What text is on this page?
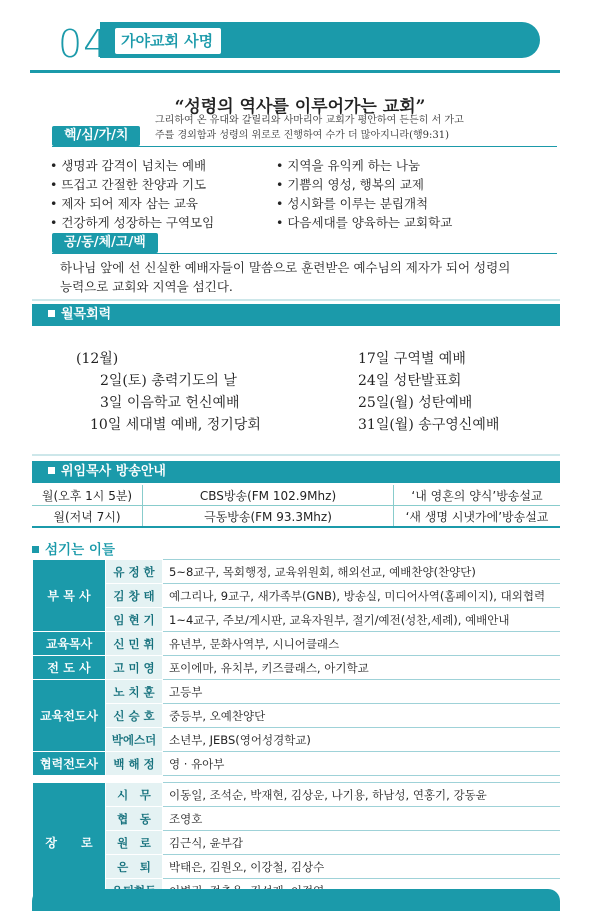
04 가야교회 사명
“성령의 역사를 이루어가는 교회”
그리하여 온 유대와 갈릴리와 사마리아 교회가 평안하여 든든히 서 가고
주를 경외함과 성령의 위로로 진행하여 수가 더 많아지니라(행9:31)
핵/심/가/치
• 생명과 감격이 넘치는 예배
• 뜨겁고 간절한 찬양과 기도
• 제자 되어 제자 삼는 교육
• 건강하게 성장하는 구역모임
• 지역을 유익케 하는 나눔
• 기쁨의 영성, 행복의 교제
• 성시화를 이루는 분립개척
• 다음세대를 양육하는 교회학교
공/동/체/고/백
하나님 앞에 선 신실한 예배자들이 말씀으로 훈련받은 예수님의 제자가 되어 성령의
능력으로 교회와 지역을 섬긴다.
월목회력
(12월)
2일(토) 총력기도의 날
3일 이음학교 헌신예배
10일 세대별 예배, 정기당회
17일 구역별 예배
24일 성탄발표회
25일(월) 성탄예배
31일(월) 송구영신예배
위임목사 방송안내
월(오후 1시 5분)	CBS방송(FM 102.9Mhz)	‘내 영혼의 양식’방송설교
월(저녁 7시)	극동방송(FM 93.3Mhz)	‘새 생명 시냇가에’방송설교
섬기는 이들
부 목 사	유 정 한	5~8교구, 목회행정, 교육위원회, 해외선교, 예배찬양(찬양단)
	김 창 태	예그리나, 9교구, 새가족부(GNB), 방송실, 미디어사역(홈페이지), 대외협력
	임 현 기	1~4교구, 주보/게시판, 교육자원부, 절기/예전(성찬,세례), 예배안내
교육목사	신 민 휘	유년부, 문화사역부, 시니어클래스
전 도 사	고 미 영	포이에마, 유치부, 키즈클래스, 아기학교
교육전도사	노 치 훈	고등부
	신 승 호	중등부, 오예찬양단
	박에스더	소년부, JEBS(영어성경학교)
협력전도사	백 해 정	영 · 유아부

장　　로	시　무	이동일, 조석순, 박재현, 김상운, 나기용, 하남성, 연홍기, 강동윤
	협　동	조영호
	원　로	김근식, 윤부갑
	은　퇴	박태은, 김원오, 이강철, 김상수
